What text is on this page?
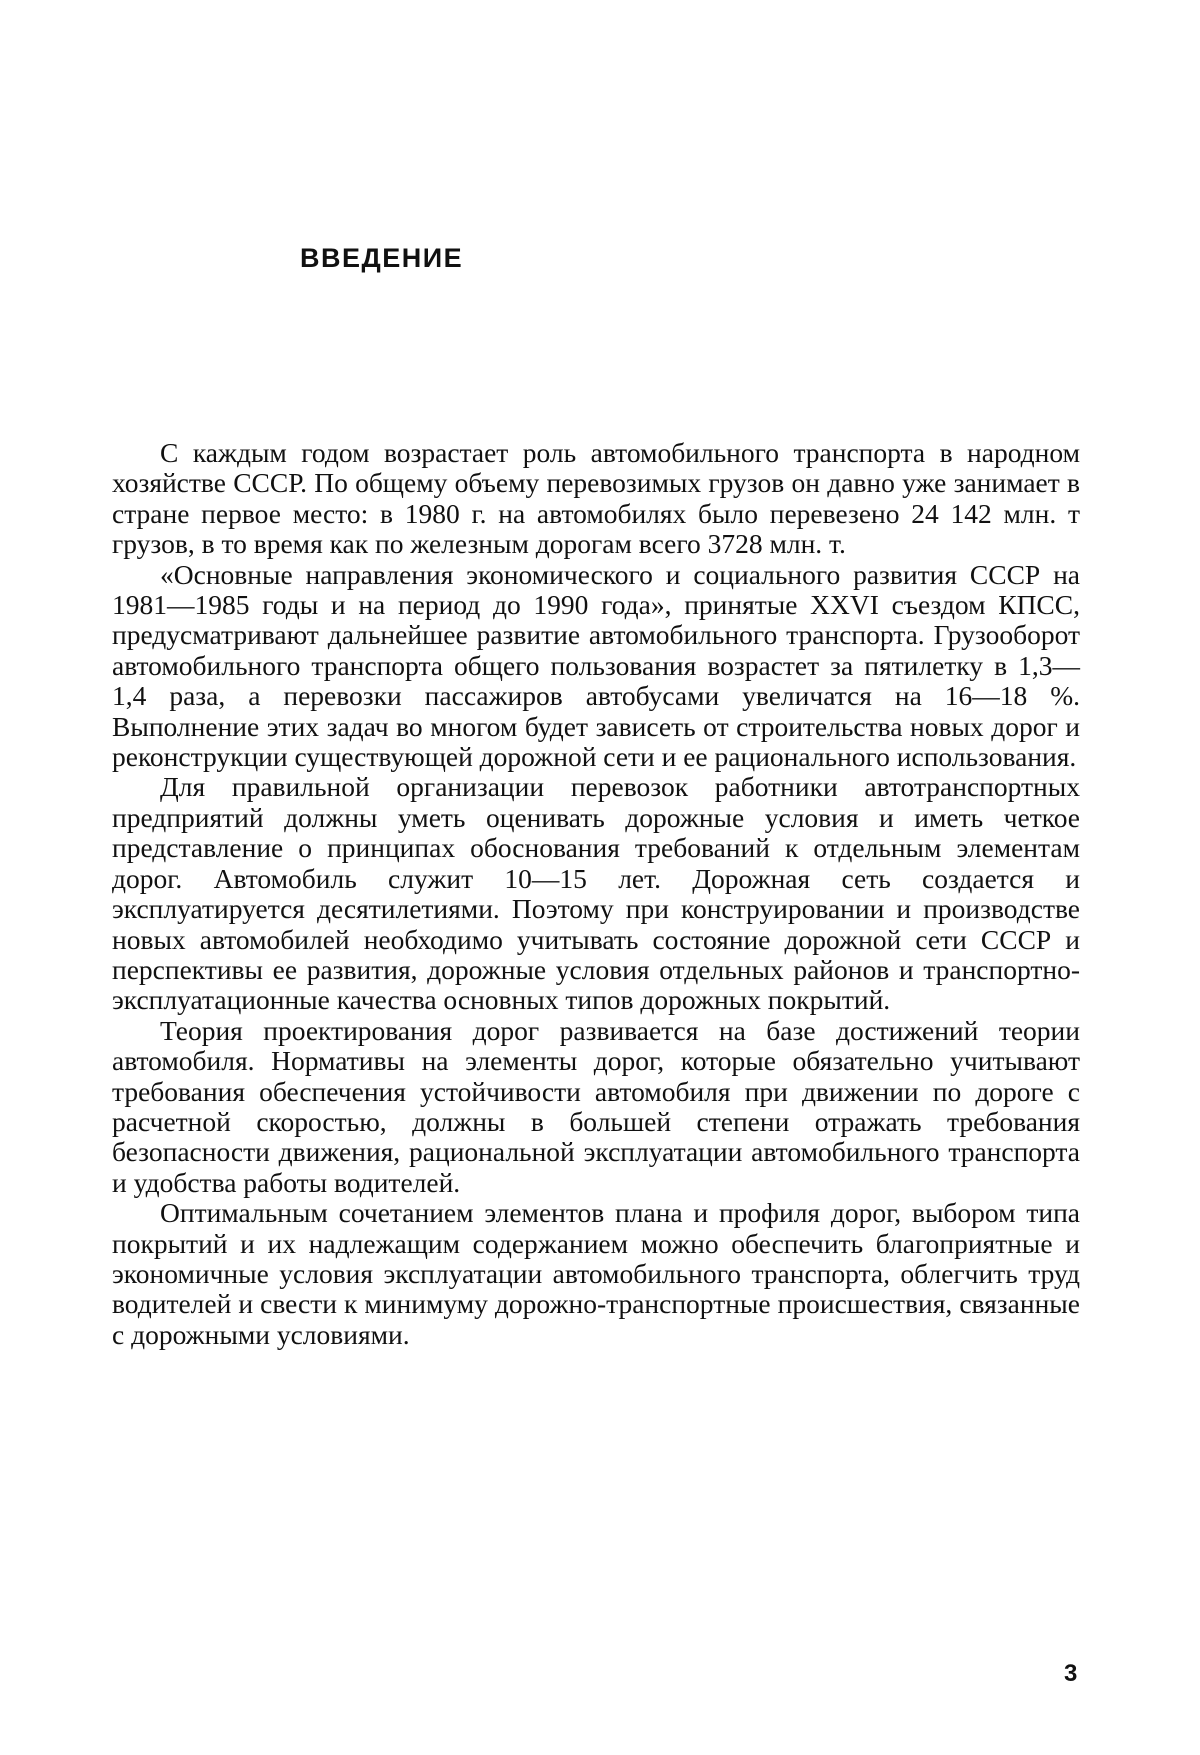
ВВЕДЕНИЕ

С каждым годом возрастает роль автомобильного транспорта в народном хозяйстве СССР. По общему объему перевозимых грузов он давно уже занимает в стране первое место: в 1980 г. на автомобилях было перевезено 24 142 млн. т грузов, в то время как по железным дорогам всего 3728 млн. т.

«Основные направления экономического и социального развития СССР на 1981—1985 годы и на период до 1990 года», принятые XXVI съездом КПСС, предусматривают дальнейшее развитие автомобильного транспорта. Грузооборот автомобильного транспорта общего пользования возрастет за пятилетку в 1,3—1,4 раза, а перевозки пассажиров автобусами увеличатся на 16—18 %. Выполнение этих задач во многом будет зависеть от строительства новых дорог и реконструкции существующей дорожной сети и ее рационального использования.

Для правильной организации перевозок работники автотранспортных предприятий должны уметь оценивать дорожные условия и иметь четкое представление о принципах обоснования требований к отдельным элементам дорог. Автомобиль служит 10—15 лет. Дорожная сеть создается и эксплуатируется десятилетиями. Поэтому при конструировании и производстве новых автомобилей необходимо учитывать состояние дорожной сети СССР и перспективы ее развития, дорожные условия отдельных районов и транспортно-эксплуатационные качества основных типов дорожных покрытий.

Теория проектирования дорог развивается на базе достижений теории автомобиля. Нормативы на элементы дорог, которые обязательно учитывают требования обеспечения устойчивости автомобиля при движении по дороге с расчетной скоростью, должны в большей степени отражать требования безопасности движения, рациональной эксплуатации автомобильного транспорта и удобства работы водителей.

Оптимальным сочетанием элементов плана и профиля дорог, выбором типа покрытий и их надлежащим содержанием можно обеспечить благоприятные и экономичные условия эксплуатации автомобильного транспорта, облегчить труд водителей и свести к минимуму дорожно-транспортные происшествия, связанные с дорожными условиями.

3
